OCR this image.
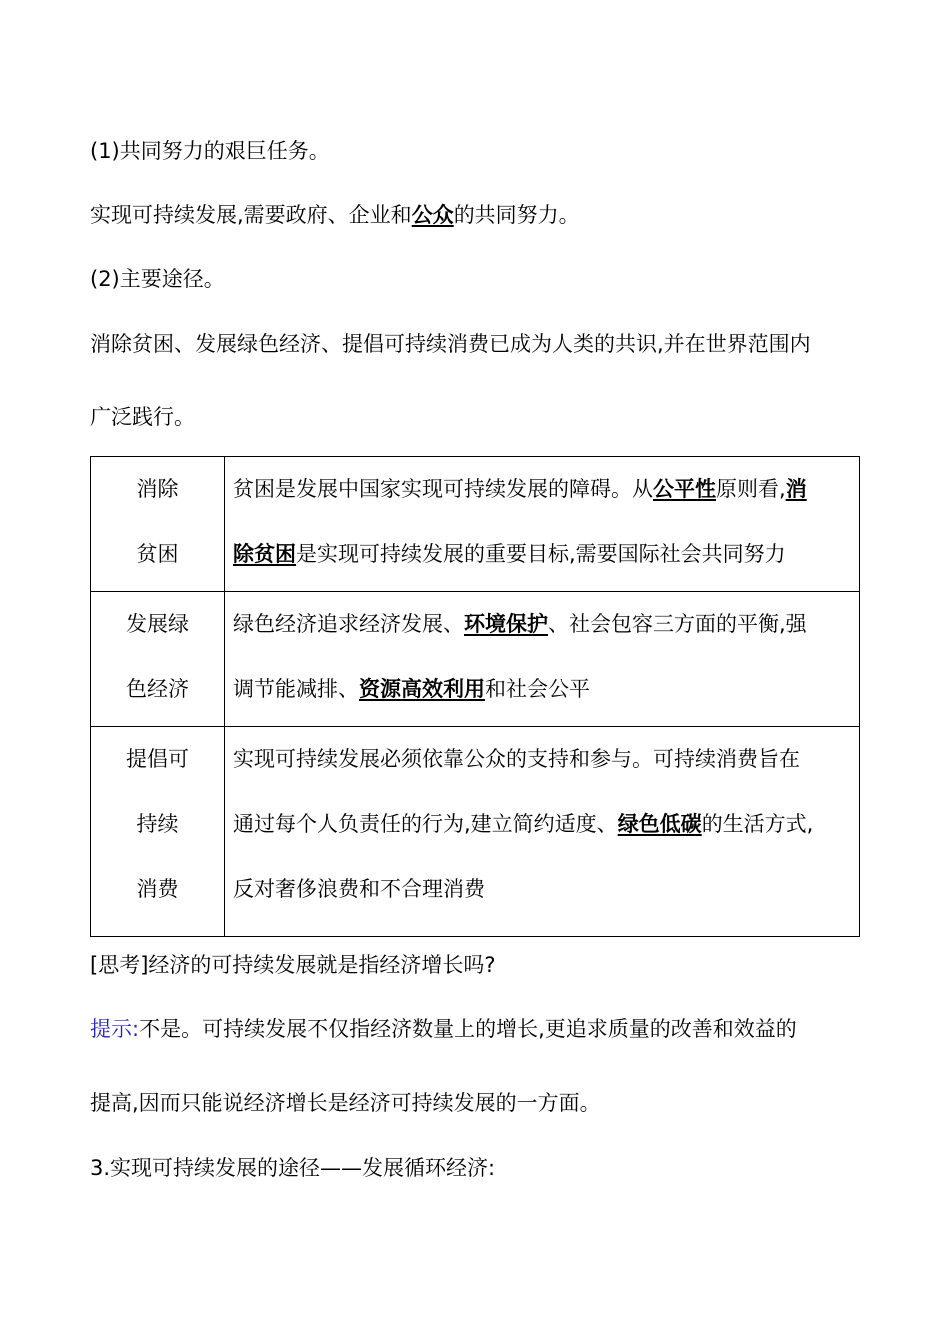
(1)共同努力的艰巨任务。
实现可持续发展,需要政府、企业和公众的共同努力。
(2)主要途径。
消除贫困、发展绿色经济、提倡可持续消费已成为人类的共识,并在世界范围内
广泛践行。
消除
贫困	贫困是发展中国家实现可持续发展的障碍。从公平性原则看,消
除贫困是实现可持续发展的重要目标,需要国际社会共同努力

发展绿
色经济	绿色经济追求经济发展、环境保护、社会包容三方面的平衡,强
调节能减排、资源高效利用和社会公平

提倡可
持续
消费	实现可持续发展必须依靠公众的支持和参与。可持续消费旨在
通过每个人负责任的行为,建立简约适度、绿色低碳的生活方式,
反对奢侈浪费和不合理消费
[思考]经济的可持续发展就是指经济增长吗?
提示:不是。可持续发展不仅指经济数量上的增长,更追求质量的改善和效益的
提高,因而只能说经济增长是经济可持续发展的一方面。
3.实现可持续发展的途径——发展循环经济:
